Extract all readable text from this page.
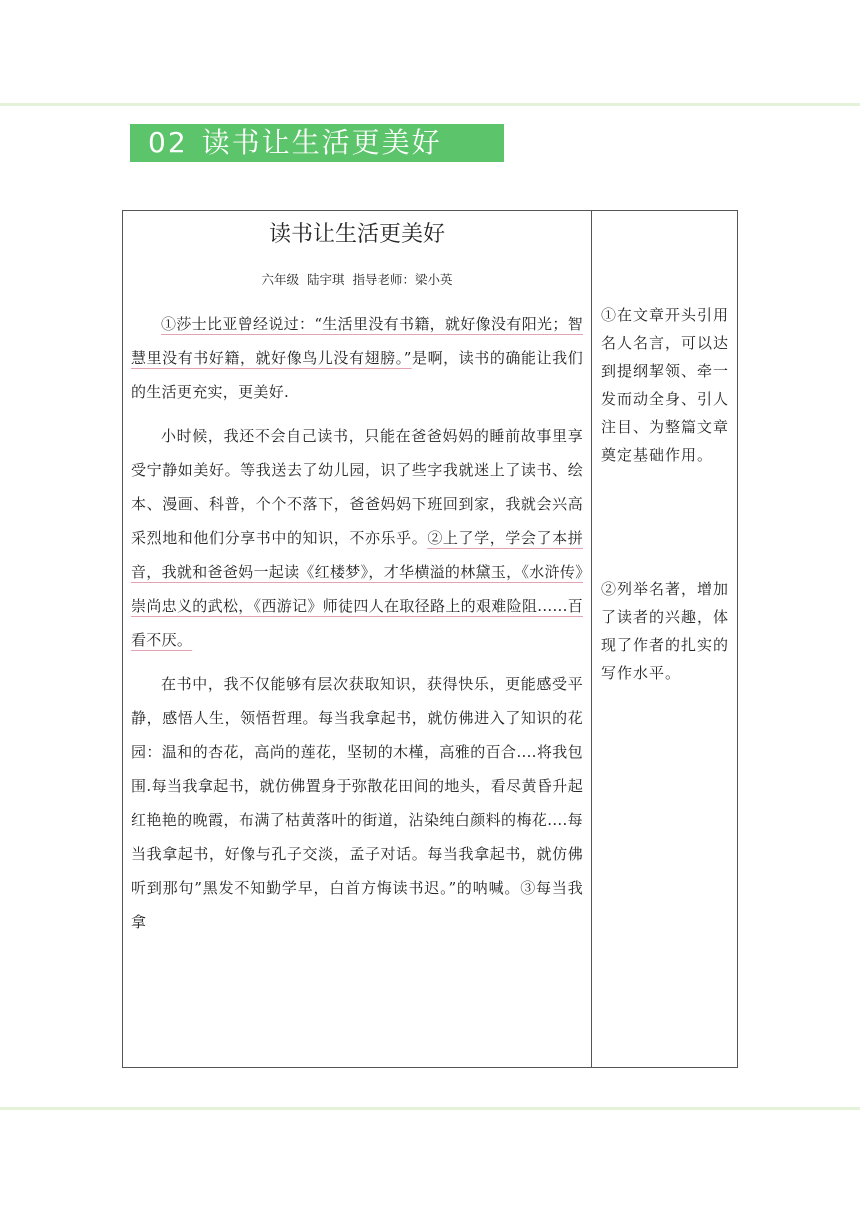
02 读书让生活更美好
读书让生活更美好
六年级 陆宇琪 指导老师：梁小英

①莎士比亚曾经说过：“生活里没有书籍，就好像没有阳光；智慧里没有书好籍，就好像鸟儿没有翅膀。”是啊，读书的确能让我们的生活更充实，更美好.

小时候，我还不会自己读书，只能在爸爸妈妈的睡前故事里享受宁静如美好。等我送去了幼儿园，识了些字我就迷上了读书、绘本、漫画、科普，个个不落下，爸爸妈妈下班回到家，我就会兴高采烈地和他们分享书中的知识，不亦乐乎。②上了学，学会了本拼音，我就和爸爸妈一起读《红楼梦》，才华横溢的林黛玉，《水浒传》崇尚忠义的武松，《西游记》师徒四人在取径路上的艰难险阻......百看不厌。

在书中，我不仅能够有层次获取知识，获得快乐，更能感受平静，感悟人生，领悟哲理。每当我拿起书，就仿佛进入了知识的花园：温和的杏花，高尚的莲花，坚韧的木槿，高雅的百合....将我包围.每当我拿起书，就仿佛置身于弥散花田间的地头，看尽黄昏升起红艳艳的晚霞，布满了枯黄落叶的街道，沾染纯白颜料的梅花....每当我拿起书，好像与孔子交淡，孟子对话。每当我拿起书，就仿佛听到那句”黑发不知勤学早，白首方悔读书迟。”的呐喊。③每当我拿

①在文章开头引用名人名言，可以达到提纲挈领、牵一发而动全身、引人注目、为整篇文章奠定基础作用。
②列举名著，增加了读者的兴趣，体现了作者的扎实的写作水平。
